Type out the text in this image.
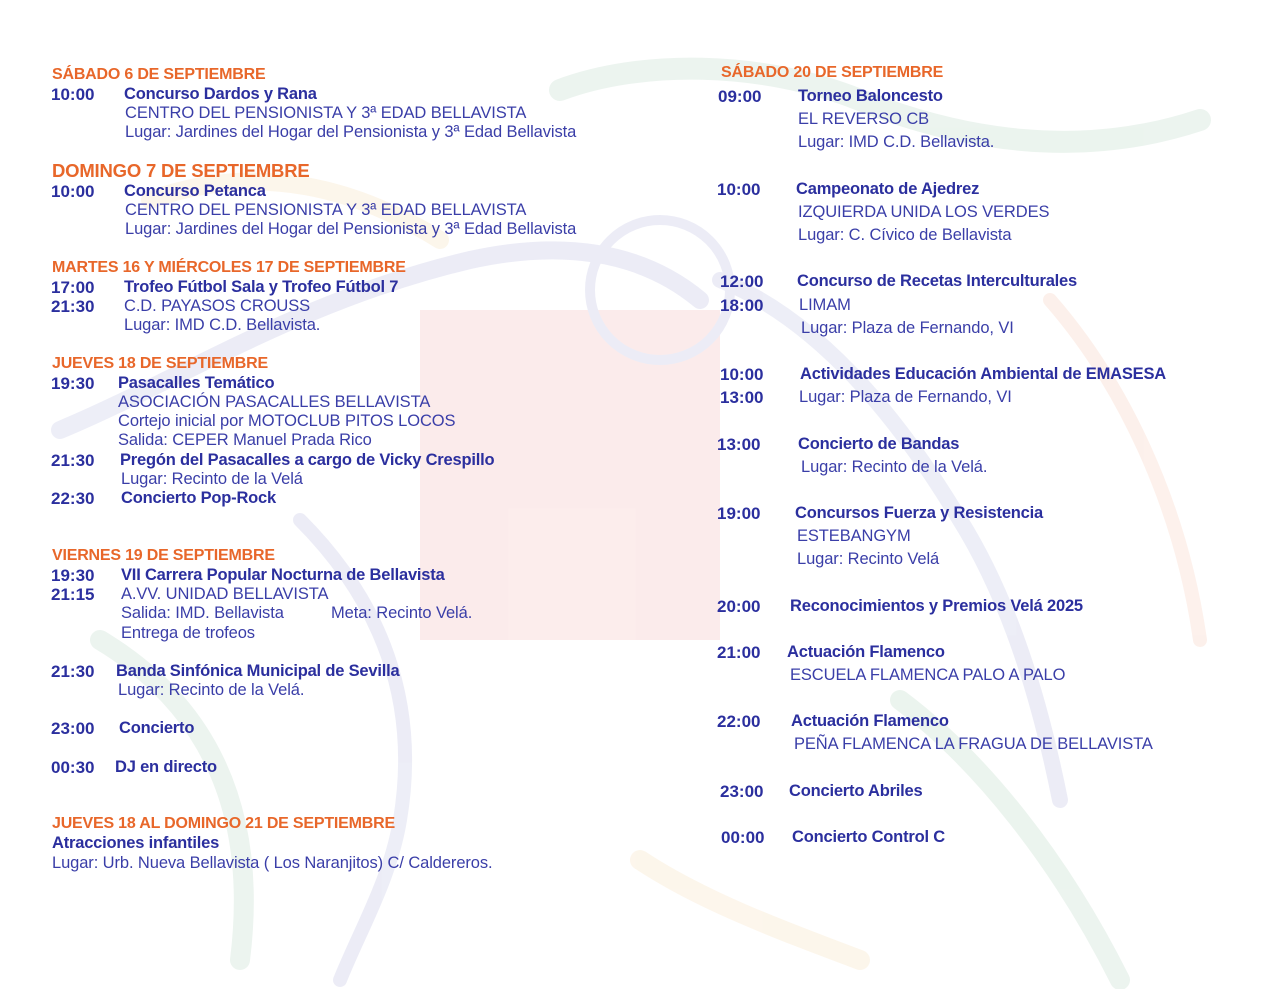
SÁBADO 6 DE SEPTIEMBRE
10:00 Concurso Dardos y Rana
CENTRO DEL PENSIONISTA Y 3ª EDAD BELLAVISTA
Lugar: Jardines del Hogar del Pensionista y 3ª Edad Bellavista
DOMINGO 7 DE SEPTIEMBRE
10:00 Concurso Petanca
CENTRO DEL PENSIONISTA Y 3ª EDAD BELLAVISTA
Lugar: Jardines del Hogar del Pensionista y 3ª Edad Bellavista
MARTES 16 Y MIÉRCOLES 17 DE SEPTIEMBRE
17:00 Trofeo Fútbol Sala y Trofeo Fútbol 7
21:30 C.D. PAYASOS CROUSS
Lugar: IMD C.D. Bellavista.
JUEVES 18 DE SEPTIEMBRE
19:30 Pasacalles Temático
ASOCIACIÓN PASACALLES BELLAVISTA
Cortejo inicial por MOTOCLUB PITOS LOCOS
Salida: CEPER Manuel Prada Rico
21:30 Pregón del Pasacalles a cargo de Vicky Crespillo
Lugar: Recinto de la Velá
22:30 Concierto Pop-Rock
VIERNES 19 DE SEPTIEMBRE
19:30 VII Carrera Popular Nocturna de Bellavista
21:15 A.VV. UNIDAD BELLAVISTA
Salida: IMD. Bellavista	Meta: Recinto Velá.
Entrega de trofeos
21:30 Banda Sinfónica Municipal de Sevilla
Lugar: Recinto de la Velá.
23:00 Concierto
00:30 DJ en directo
JUEVES 18 AL DOMINGO 21 DE SEPTIEMBRE
Atracciones infantiles
Lugar: Urb. Nueva Bellavista ( Los Naranjitos) C/ Caldereros.
SÁBADO 20 DE SEPTIEMBRE
09:00 Torneo Baloncesto
EL REVERSO CB
Lugar: IMD C.D. Bellavista.
10:00 Campeonato de Ajedrez
IZQUIERDA UNIDA LOS VERDES
Lugar: C. Cívico de Bellavista
12:00 Concurso de Recetas Interculturales
18:00 LIMAM
Lugar: Plaza de Fernando, VI
10:00 Actividades Educación Ambiental de EMASESA
13:00 Lugar: Plaza de Fernando, VI
13:00 Concierto de Bandas
Lugar: Recinto de la Velá.
19:00 Concursos Fuerza y Resistencia
ESTEBANGYM
Lugar: Recinto Velá
20:00 Reconocimientos y Premios Velá 2025
21:00 Actuación Flamenco
ESCUELA FLAMENCA PALO A PALO
22:00 Actuación Flamenco
PEÑA FLAMENCA LA FRAGUA DE BELLAVISTA
23:00 Concierto Abriles
00:00 Concierto Control C
